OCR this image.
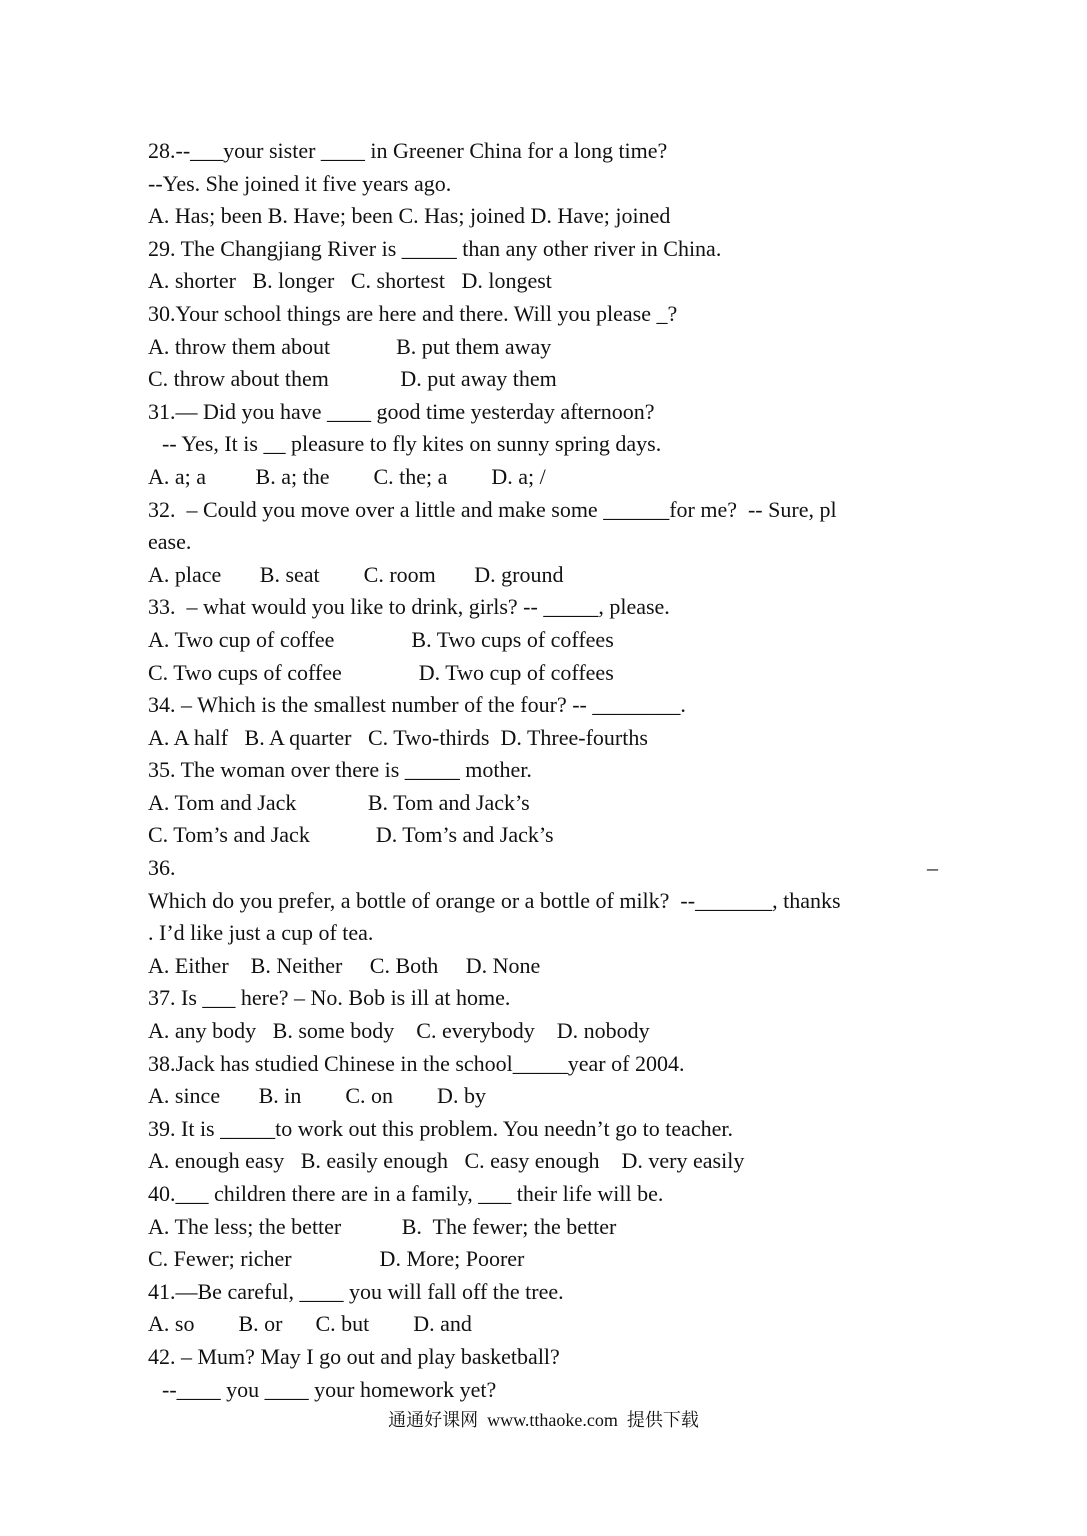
28.--___your sister ____ in Greener China for a long time?
--Yes. She joined it five years ago.
A. Has; been B. Have; been C. Has; joined D. Have; joined
29. The Changjiang River is _____ than any other river in China.
A. shorter   B. longer   C. shortest   D. longest
30.Your school things are here and there. Will you please _?
A. throw them about            B. put them away
C. throw about them             D. put away them
31.— Did you have ____ good time yesterday afternoon?
-- Yes, It is __ pleasure to fly kites on sunny spring days.
A. a; a         B. a; the        C. the; a        D. a; /
32.  – Could you move over a little and make some ______for me?  -- Sure, pl
ease.
A. place       B. seat        C. room       D. ground
33.  – what would you like to drink, girls? -- _____, please.
A. Two cup of coffee              B. Two cups of coffees
C. Two cups of coffee              D. Two cup of coffees
34. – Which is the smallest number of the four? -- ________.
A. A half   B. A quarter   C. Two-thirds  D. Three-fourths
35. The woman over there is _____ mother.
A. Tom and Jack             B. Tom and Jack’s
C. Tom’s and Jack            D. Tom’s and Jack’s
36.	–
Which do you prefer, a bottle of orange or a bottle of milk?  --_______, thanks
. I’d like just a cup of tea.
A. Either    B. Neither     C. Both     D. None
37. Is ___ here? – No. Bob is ill at home.
A. any body   B. some body    C. everybody    D. nobody
38.Jack has studied Chinese in the school_____year of 2004.
A. since       B. in        C. on        D. by
39. It is _____to work out this problem. You needn’t go to teacher.
A. enough easy   B. easily enough   C. easy enough    D. very easily
40.___ children there are in a family, ___ their life will be.
A. The less; the better           B.  The fewer; the better
C. Fewer; richer                D. More; Poorer
41.—Be careful, ____ you will fall off the tree.
A. so        B. or      C. but        D. and
42. – Mum? May I go out and play basketball?
--____ you ____ your homework yet?
通通好课网  www.tthaoke.com  提供下载
